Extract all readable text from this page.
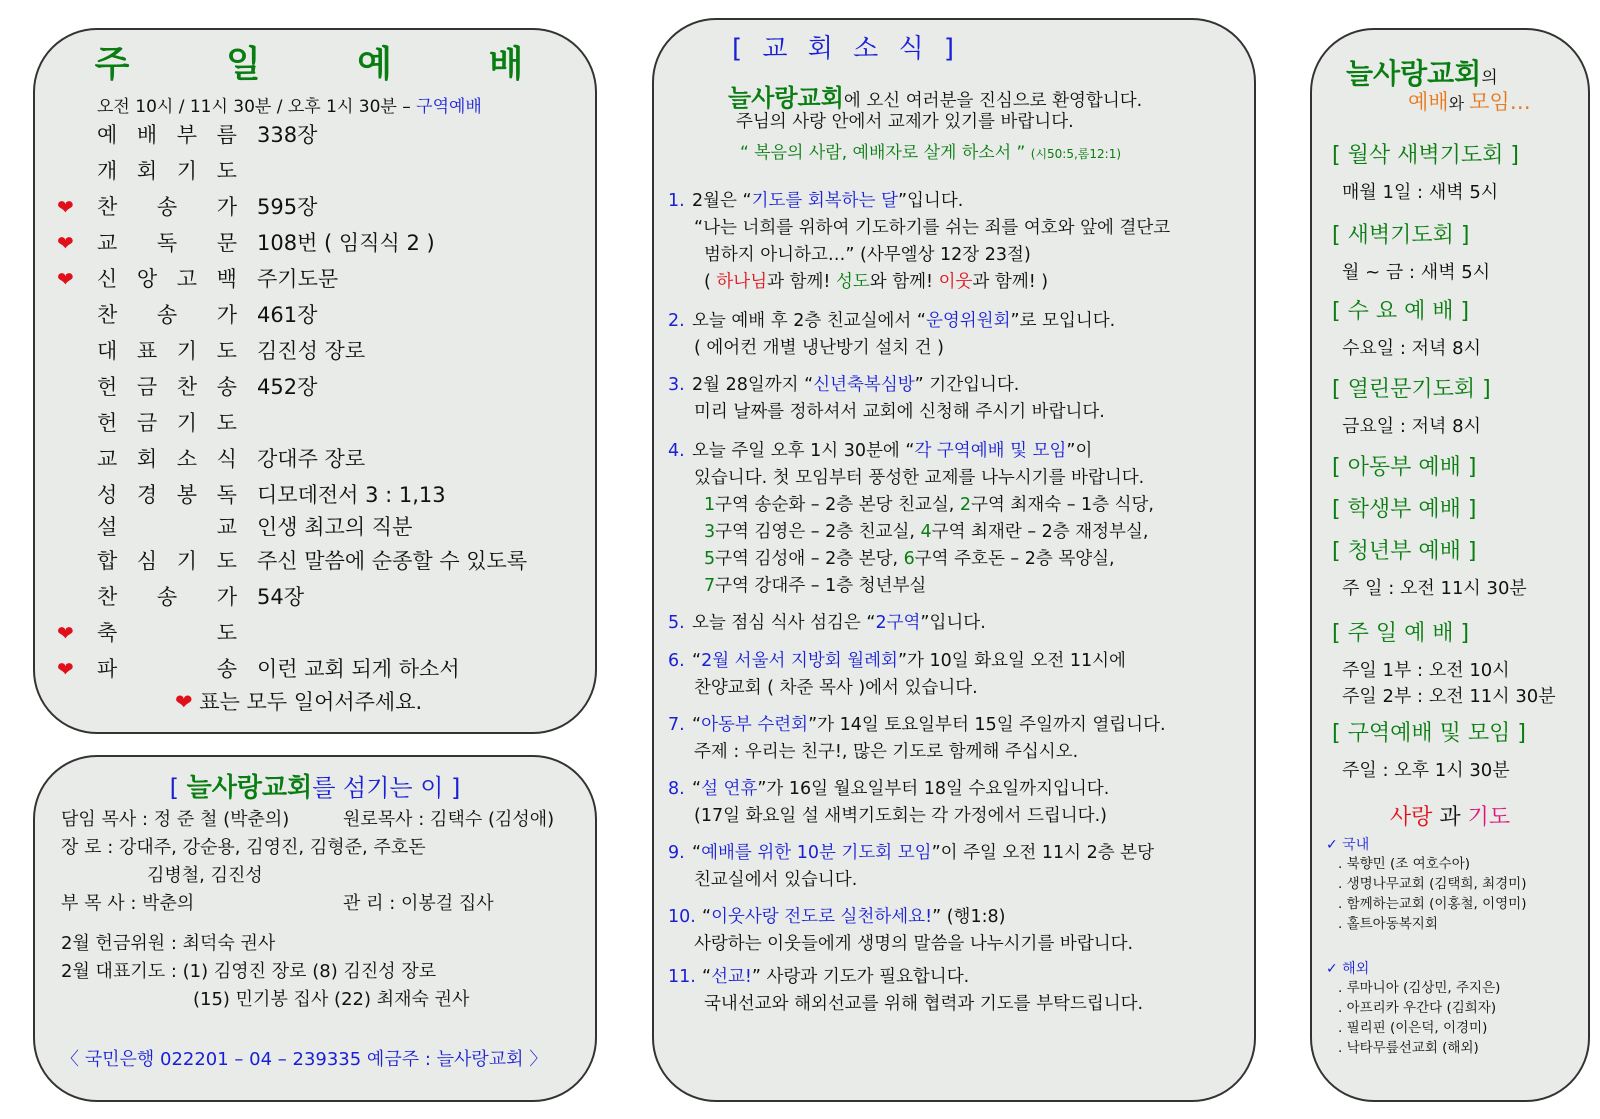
주 일 예 배
오전 10시 / 11시 30분 / 오후 1시 30분 – 구역예배
예 배 부 름 338장
개 회 기 도
❤	찬 송 가 595장
❤	교 독 문 108번 ( 임직식 2 )
❤	신 앙 고 백 주기도문
찬 송 가 461장
대 표 기 도 김진성 장로
헌 금 찬 송 452장
헌 금 기 도
교 회 소 식 강대주 장로
성 경 봉 독 디모데전서 3 : 1,13
설	교 인생 최고의 직분
합 심 기 도 주신 말씀에 순종할 수 있도록
찬 송 가 54장
❤	축	도
❤	파	송 이런 교회 되게 하소서
❤ 표는 모두 일어서주세요.
[ 늘사랑교회를 섬기는 이 ]
담임 목사 : 정 준 철 (박춘의)	원로목사 : 김택수 (김성애)
장 로 : 강대주, 강순용, 김영진, 김형준, 주호돈
김병철, 김진성
부 목 사 : 박춘의	관 리 : 이봉걸 집사
2월 헌금위원 : 최덕숙 권사
2월 대표기도 : (1) 김영진 장로 (8) 김진성 장로
(15) 민기봉 집사 (22) 최재숙 권사
〈 국민은행 022201 – 04 – 239335 예금주 : 늘사랑교회 〉
[ 교 회 소 식 ]
늘사랑교회에 오신 여러분을 진심으로 환영합니다.
주님의 사랑 안에서 교제가 있기를 바랍니다.
“ 복음의 사람, 예배자로 살게 하소서 ” (시50:5,롬12:1)
1. 2월은 “기도를 회복하는 달”입니다.
“나는 너희를 위하여 기도하기를 쉬는 죄를 여호와 앞에 결단코
범하지 아니하고…” (사무엘상 12장 23절)
( 하나님과 함께! 성도와 함께! 이웃과 함께! )
2. 오늘 예배 후 2층 친교실에서 “운영위원회”로 모입니다.
( 에어컨 개별 냉난방기 설치 건 )
3. 2월 28일까지 “신년축복심방” 기간입니다.
미리 날짜를 정하셔서 교회에 신청해 주시기 바랍니다.
4. 오늘 주일 오후 1시 30분에 “각 구역예배 및 모임”이
있습니다. 첫 모임부터 풍성한 교제를 나누시기를 바랍니다.
1구역 송순화 – 2층 본당 친교실, 2구역 최재숙 – 1층 식당,
3구역 김영은 – 2층 친교실, 4구역 최재란 – 2층 재정부실,
5구역 김성애 – 2층 본당, 6구역 주호돈 – 2층 목양실,
7구역 강대주 – 1층 청년부실
5. 오늘 점심 식사 섬김은 “2구역”입니다.
6. “2월 서울서 지방회 월례회”가 10일 화요일 오전 11시에
찬양교회 ( 차준 목사 )에서 있습니다.
7. “아동부 수련회”가 14일 토요일부터 15일 주일까지 열립니다.
주제 : 우리는 친구!, 많은 기도로 함께해 주십시오.
8. “설 연휴”가 16일 월요일부터 18일 수요일까지입니다.
(17일 화요일 설 새벽기도회는 각 가정에서 드립니다.)
9. “예배를 위한 10분 기도회 모임”이 주일 오전 11시 2층 본당
친교실에서 있습니다.
10. “이웃사랑 전도로 실천하세요!” (행1:8)
사랑하는 이웃들에게 생명의 말씀을 나누시기를 바랍니다.
11. “선교!” 사랑과 기도가 필요합니다.
국내선교와 해외선교를 위해 협력과 기도를 부탁드립니다.
늘사랑교회의
예배와 모임…
[ 월삭 새벽기도회 ]
매월 1일 : 새벽 5시
[ 새벽기도회 ]
월 ~ 금 : 새벽 5시
[ 수 요 예 배 ]
수요일 : 저녁 8시
[ 열린문기도회 ]
금요일 : 저녁 8시
[ 아동부 예배 ]
[ 학생부 예배 ]
[ 청년부 예배 ]
주 일 : 오전 11시 30분
[ 주 일 예 배 ]
주일 1부 : 오전 10시
주일 2부 : 오전 11시 30분
[ 구역예배 및 모임 ]
주일 : 오후 1시 30분
사랑 과 기도
✓ 국내
. 북향민 (조 여호수아)
. 생명나무교회 (김택희, 최경미)
. 함께하는교회 (이홍철, 이영미)
. 홀트아동복지회
✓ 해외
. 루마니아 (김상민, 주지은)
. 아프리카 우간다 (김희자)
. 필리핀 (이은덕, 이경미)
. 낙타무릎선교회 (해외)
